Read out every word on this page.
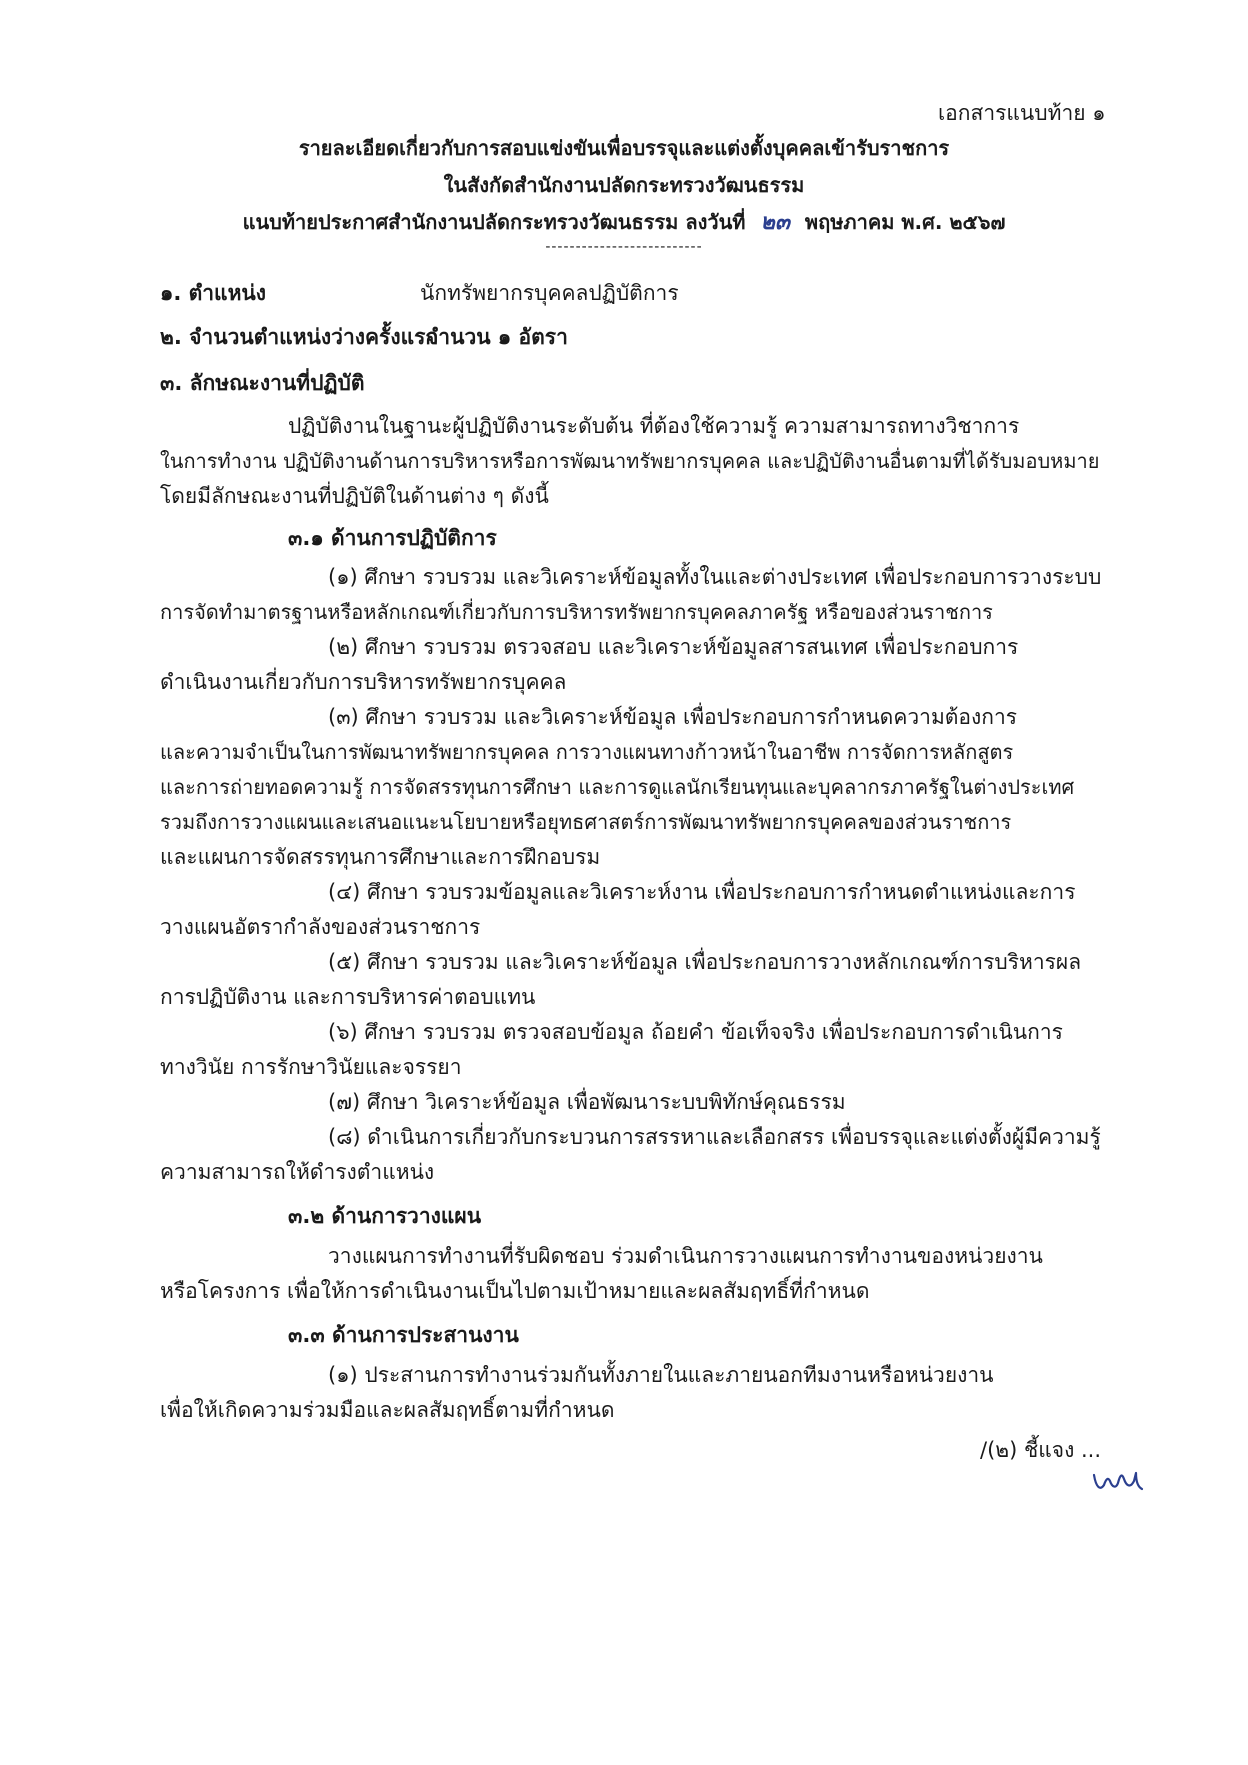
เอกสารแนบท้าย ๑
รายละเอียดเกี่ยวกับการสอบแข่งขันเพื่อบรรจุและแต่งตั้งบุคคลเข้ารับราชการ
ในสังกัดสำนักงานปลัดกระทรวงวัฒนธรรม
แนบท้ายประกาศสำนักงานปลัดกระทรวงวัฒนธรรม ลงวันที่ ๒๓ พฤษภาคม พ.ศ. ๒๕๖๗
--------------------------
๑. ตำแหน่ง	นักทรัพยากรบุคคลปฏิบัติการ
๒. จำนวนตำแหน่งว่างครั้งแรก
จำนวน ๑ อัตรา
๓. ลักษณะงานที่ปฏิบัติ
ปฏิบัติงานในฐานะผู้ปฏิบัติงานระดับต้น ที่ต้องใช้ความรู้ ความสามารถทางวิชาการ
ในการทำงาน ปฏิบัติงานด้านการบริหารหรือการพัฒนาทรัพยากรบุคคล และปฏิบัติงานอื่นตามที่ได้รับมอบหมาย
โดยมีลักษณะงานที่ปฏิบัติในด้านต่าง ๆ ดังนี้
๓.๑ ด้านการปฏิบัติการ
(๑) ศึกษา รวบรวม และวิเคราะห์ข้อมูลทั้งในและต่างประเทศ เพื่อประกอบการวางระบบ
การจัดทำมาตรฐานหรือหลักเกณฑ์เกี่ยวกับการบริหารทรัพยากรบุคคลภาครัฐ หรือของส่วนราชการ
(๒) ศึกษา รวบรวม ตรวจสอบ และวิเคราะห์ข้อมูลสารสนเทศ เพื่อประกอบการ
ดำเนินงานเกี่ยวกับการบริหารทรัพยากรบุคคล
(๓) ศึกษา รวบรวม และวิเคราะห์ข้อมูล เพื่อประกอบการกำหนดความต้องการ
และความจำเป็นในการพัฒนาทรัพยากรบุคคล การวางแผนทางก้าวหน้าในอาชีพ การจัดการหลักสูตร
และการถ่ายทอดความรู้ การจัดสรรทุนการศึกษา และการดูแลนักเรียนทุนและบุคลากรภาครัฐในต่างประเทศ
รวมถึงการวางแผนและเสนอแนะนโยบายหรือยุทธศาสตร์การพัฒนาทรัพยากรบุคคลของส่วนราชการ
และแผนการจัดสรรทุนการศึกษาและการฝึกอบรม
(๔) ศึกษา รวบรวมข้อมูลและวิเคราะห์งาน เพื่อประกอบการกำหนดตำแหน่งและการ
วางแผนอัตรากำลังของส่วนราชการ
(๕) ศึกษา รวบรวม และวิเคราะห์ข้อมูล เพื่อประกอบการวางหลักเกณฑ์การบริหารผล
การปฏิบัติงาน และการบริหารค่าตอบแทน
(๖) ศึกษา รวบรวม ตรวจสอบข้อมูล ถ้อยคำ ข้อเท็จจริง เพื่อประกอบการดำเนินการ
ทางวินัย การรักษาวินัยและจรรยา
(๗) ศึกษา วิเคราะห์ข้อมูล เพื่อพัฒนาระบบพิทักษ์คุณธรรม
(๘) ดำเนินการเกี่ยวกับกระบวนการสรรหาและเลือกสรร เพื่อบรรจุและแต่งตั้งผู้มีความรู้
ความสามารถให้ดำรงตำแหน่ง
๓.๒ ด้านการวางแผน
วางแผนการทำงานที่รับผิดชอบ ร่วมดำเนินการวางแผนการทำงานของหน่วยงาน
หรือโครงการ เพื่อให้การดำเนินงานเป็นไปตามเป้าหมายและผลสัมฤทธิ์ที่กำหนด
๓.๓ ด้านการประสานงาน
(๑) ประสานการทำงานร่วมกันทั้งภายในและภายนอกทีมงานหรือหน่วยงาน
เพื่อให้เกิดความร่วมมือและผลสัมฤทธิ์ตามที่กำหนด
/(๒) ชี้แจง ...
